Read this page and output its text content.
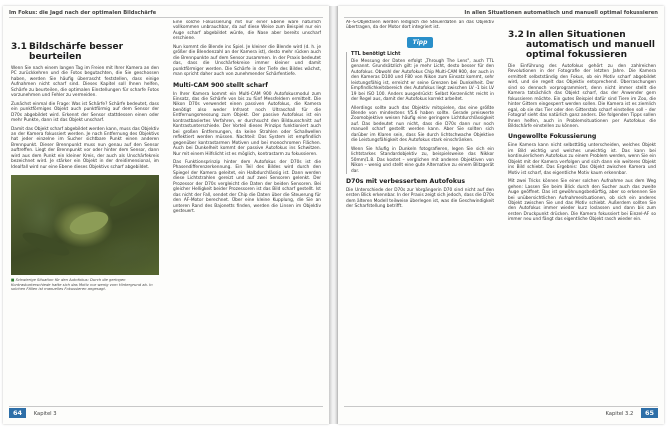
Im Fokus: die Jagd nach der optimalen Bildschärfe
3.1 Bildschärfe besser beurteilen

Wenn Sie nach einem langen Tag im Freien mit Ihrer Kamera an den PC zurückkehren und die Fotos begutachten, die Sie geschossen haben, werden Sie häufig überrascht feststellen, dass einige Aufnahmen nicht scharf sind. Dieses Kapitel soll Ihnen helfen, Schärfe zu beurteilen, die optimalen Einstellungen für scharfe Fotos vorzunehmen und Fehler zu vermeiden.

Zunächst einmal die Frage: Was ist Schärfe? Schärfe bedeutet, dass ein punktförmiges Objekt auch punktförmig auf dem Sensor der D70s abgebildet wird. Erkennt der Sensor stattdessen einen oder mehr Punkte, dann ist das Objekt unscharf.

Damit das Objekt scharf abgebildet werden kann, muss das Objektiv an der Kamera fokussiert werden. Je nach Entfernung des Objektivs hat jeder einzelne im Sucher sichtbare Punkt einen anderen Brennpunkt. Dieser Brennpunkt muss nun genau auf den Sensor auftreffen. Liegt der Brennpunkt vor oder hinter dem Sensor, dann wird aus dem Punkt ein kleiner Kreis, der auch als Unschärfekreis bezeichnet wird. Je stärker ein Objekt in der dreidimensional, im Idealfall wird nur eine Ebene dieses Objektivs scharf abgebildet.

■ Schwierige Situation für den Autofokus: Durch die geringen Kontrastunterschiede hatte sich das Motiv nur wenig vom Hintergrund ab. In solchen Fällen ist manuelles Fokussieren angesagt.

Eine solche Fokussierung mit nur einer Ebene wäre natürlich vollkommen unbrauchbar, da auf diese Weise zum Beispiel nur ein Auge scharf abgebildet würde, die Nase aber bereits unscharf erschiene.

Nun kommt die Blende ins Spiel. Je kleiner die Blende wird (d. h. je größer die Blendenzahl an der Kamera ist), desto mehr rücken auch die Brennpunkte auf dem Sensor zusammen. In der Praxis bedeutet das, dass die Unschärfekreise immer kleiner und damit punktförmiger werden. Die Schärfe in der Tiefe des Bildes wächst, man spricht daher auch von zunehmender Schärfentiefe.

Multi-CAM 900 stellt scharf

In Ihrer Kamera kommt ein Multi-CAM 900 Autofokusmodul zum Einsatz, das die Schärfe von bis zu fünf Messfeldern ermittelt. Die Nikon D70s verwendet einen passiven Autofokus, die Kamera benötigt also weder Infrarot noch Ultraschall für die Entfernungsmessung zum Objekt. Der passive Autofokus ist ein kontrastbasiertes Verfahren, er durchsucht den Bildausschnitt auf Kontrastunterschiede. Der Vorteil dieses Prinzips funktioniert auch bei großen Entfernungen, da keine Strahlen oder Schallwellen reflektiert werden müssen. Nachteil: Das System ist empfindlich gegenüber kontrastarmen Motiven und bei monochromen Flächen. Auch bei Dunkelheit kommt der passive Autofokus ins Schwitzen. Nur mit einem Hilfslicht ist es möglich, kontrastarm zu fokussieren.

Das Funktionsprinzip hinter dem Autofokus der D70s ist die Phasendifferenzerkennung. Ein Teil des Bildes wird durch den Spiegel der Kamera geleitet, ein Halbdurchlässig ist. Dann werden diese Lichtstrahlen gereizt und auf zwei Sensoren gelenkt. Der Prozessor der D70s vergleicht die Daten der beiden Sensoren. Bei gleicher Helligkeit beider Prozessoren ist das Bild scharf gestellt. Ist das nicht der Fall, sendet der Chip die Daten über die Steuerung für den AF-Motor berechnet. Über eine kleine Kupplung, die Sie an unteren Rand des Bajonetts finden, werden die Linsen im Objektiv gesteuert.

64 Kapitel 3
In allen Situationen automatisch und manuell optimal fokussieren

AF-S-Objektiven werden lediglich die Steuerdaten an das Objektiv übertragen, da der Motor dort integriert ist.

Tipp
TTL benötigt Licht

Die Messung der Daten erfolgt „Through The Lens", auch TTL genannt. Grundsätzlich gilt: je mehr Licht, desto besser für den Autofokus. Obwohl der Autofokus Chip Multi-CAM 900, der auch in den Kameras D100 und F80 von Nikon zum Einsatz kommt, sehr leistungsfähig ist, erreicht er seine Grenzen bei Dunkelheit. Der Empfindlichkeitsbereich des Autofokus liegt zwischen LV -1 bis LV 19 bei ISO 100. Anders ausgedrückt: Selbst Kerzenlicht reicht in der Regel aus, damit der Autofokus korrekt arbeitet.

Allerdings sollte auch das Objektiv mitspielen, das eine größte Blende von mindestens f/5.6 haben sollte. Gerade preiswerte Zoomobjektive weisen häufig eine geringere Lichtdurchlässigkeit auf. Das bedeutet nun nicht, dass die D70s dann nur noch manuell scharf gestellt werden kann. Aber Sie sollten sich darüber im Klaren sein, dass Sie durch lichtschwache Objektive die Leistungsfähigkeit des Autofokus stark einschränken.

Wenn Sie häufig in Dunkeln fotografieren, legen Sie sich ein lichtstarkes Standardobjektiv zu, beispielsweise das Nikkor 50mm/1.8. Das kostet – verglichen mit anderen Objektiven von Nikon – wenig und stellt eine gute Alternative zu einem Blitzgerät dar.

D70s mit verbessertem Autofokus

Die Unterschiede der D70s zur Vorgängerin D70 sind nicht auf den ersten Blick erkennbar. In der Praxis zeigt sich jedoch, dass die D70s dem älteren Modell teilweise überlegen ist, was die Geschwindigkeit der Scharfstellung betrifft.

3.2 In allen Situationen automatisch und manuell optimal fokussieren

Die Einführung des Autofokus gehört zu den zahlreichen Revolutionen in der Fotografie der letzten Jahre. Die Kamera ermittelt selbstständig den Fokus, ob ein Motiv scharf abgebildet wird, und sie regelt das Objektiv entsprechend. Überraschungen sind so dennoch vorprogrammiert, denn nicht immer stellt die Kamera tatsächlich das Objekt scharf, das der Anwender gern fokussieren möchte. Ein gutes Beispiel dafür sind Tiere im Zoo, die hinter Gittern eingesperrt werden sollen. Die Kamera ist es ziemlich egal, ob sie das Tier oder den Gitterstab scharf einstellen soll – der Fotograf sieht das natürlich ganz anders. Die folgenden Tipps sollen Ihnen helfen, auch in Problemsituationen per Autofokus die Bildschärfe einstellen zu können.

Ungewollte Fokussierung

Eine Kamera kann nicht selbsttätig unterscheiden, welches Objekt im Bild wichtig und welches unwichtig ist. Das kann bei kontinuierlichem Autofokus zu einem Problem werden, wenn Sie ein Objekt mit der Kamera verfolgen und sich dann ein weiteres Objekt ins Bild schiebt. Das Ergebnis: Das Objekt zwischen Kamera und Motiv ist scharf, das eigentliche Motiv kaum erkennbar.

Mit zwei Tricks können Sie einer solchen Aufnahme aus dem Weg gehen: Lassen Sie beim Blick durch den Sucher auch das zweite Auge geöffnet. Das ist gewöhnungsbedürftig, aber so erkennen Sie bei unübersichtlichen Aufnahmesituationen, ob sich ein anderes Objekt zwischen Sie und das Motiv schiebt. Außerdem sollten Sie den Autofokus immer wieder kurz loslassen und dann bis zum ersten Druckpunkt drücken. Die Kamera fokussiert bei Einzel-AF so immer neu und fängt das eigentliche Objekt rasch wieder ein.

Kapitel 3.2 65
